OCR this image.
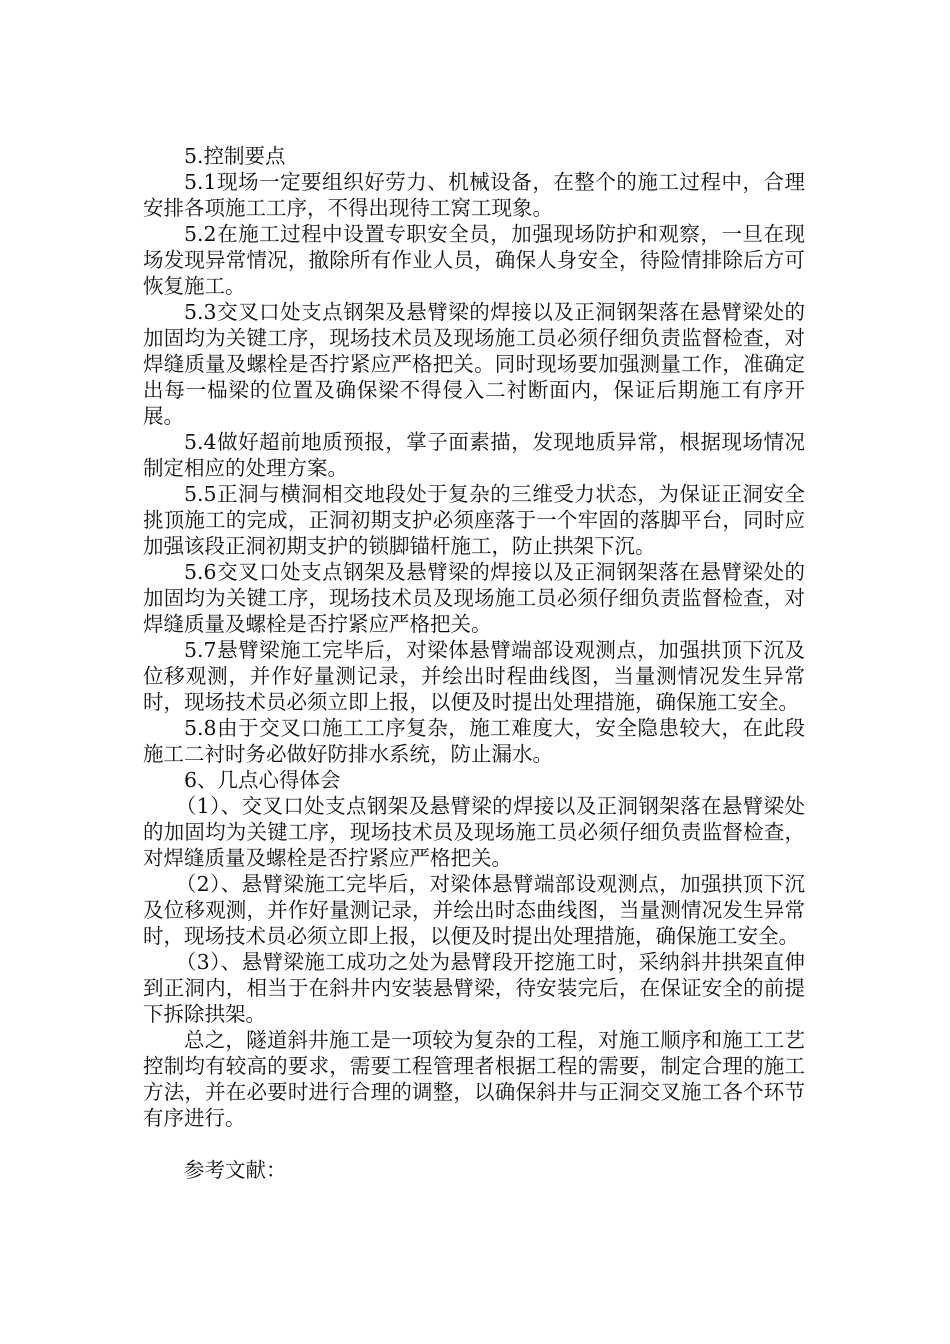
5.控制要点

5.1现场一定要组织好劳力、机械设备，在整个的施工过程中，合理安排各项施工工序，不得出现待工窝工现象。

5.2在施工过程中设置专职安全员，加强现场防护和观察，一旦在现场发现异常情况，撤除所有作业人员，确保人身安全，待险情排除后方可恢复施工。

5.3交叉口处支点钢架及悬臂梁的焊接以及正洞钢架落在悬臂梁处的加固均为关键工序，现场技术员及现场施工员必须仔细负责监督检查，对焊缝质量及螺栓是否拧紧应严格把关。同时现场要加强测量工作，准确定出每一榀梁的位置及确保梁不得侵入二衬断面内，保证后期施工有序开展。

5.4做好超前地质预报，掌子面素描，发现地质异常，根据现场情况制定相应的处理方案。

5.5正洞与横洞相交地段处于复杂的三维受力状态，为保证正洞安全挑顶施工的完成，正洞初期支护必须座落于一个牢固的落脚平台，同时应加强该段正洞初期支护的锁脚锚杆施工，防止拱架下沉。

5.6交叉口处支点钢架及悬臂梁的焊接以及正洞钢架落在悬臂梁处的加固均为关键工序，现场技术员及现场施工员必须仔细负责监督检查，对焊缝质量及螺栓是否拧紧应严格把关。

5.7悬臂梁施工完毕后，对梁体悬臂端部设观测点，加强拱顶下沉及位移观测，并作好量测记录，并绘出时程曲线图，当量测情况发生异常时，现场技术员必须立即上报，以便及时提出处理措施，确保施工安全。

5.8由于交叉口施工工序复杂，施工难度大，安全隐患较大，在此段施工二衬时务必做好防排水系统，防止漏水。

6、几点心得体会

（1）、交叉口处支点钢架及悬臂梁的焊接以及正洞钢架落在悬臂梁处的加固均为关键工序，现场技术员及现场施工员必须仔细负责监督检查，对焊缝质量及螺栓是否拧紧应严格把关。

（2）、悬臂梁施工完毕后，对梁体悬臂端部设观测点，加强拱顶下沉及位移观测，并作好量测记录，并绘出时态曲线图，当量测情况发生异常时，现场技术员必须立即上报，以便及时提出处理措施，确保施工安全。

（3）、悬臂梁施工成功之处为悬臂段开挖施工时，采纳斜井拱架直伸到正洞内，相当于在斜井内安装悬臂梁，待安装完后，在保证安全的前提下拆除拱架。

总之，隧道斜井施工是一项较为复杂的工程，对施工顺序和施工工艺控制均有较高的要求，需要工程管理者根据工程的需要，制定合理的施工方法，并在必要时进行合理的调整，以确保斜井与正洞交叉施工各个环节有序进行。

参考文献：
